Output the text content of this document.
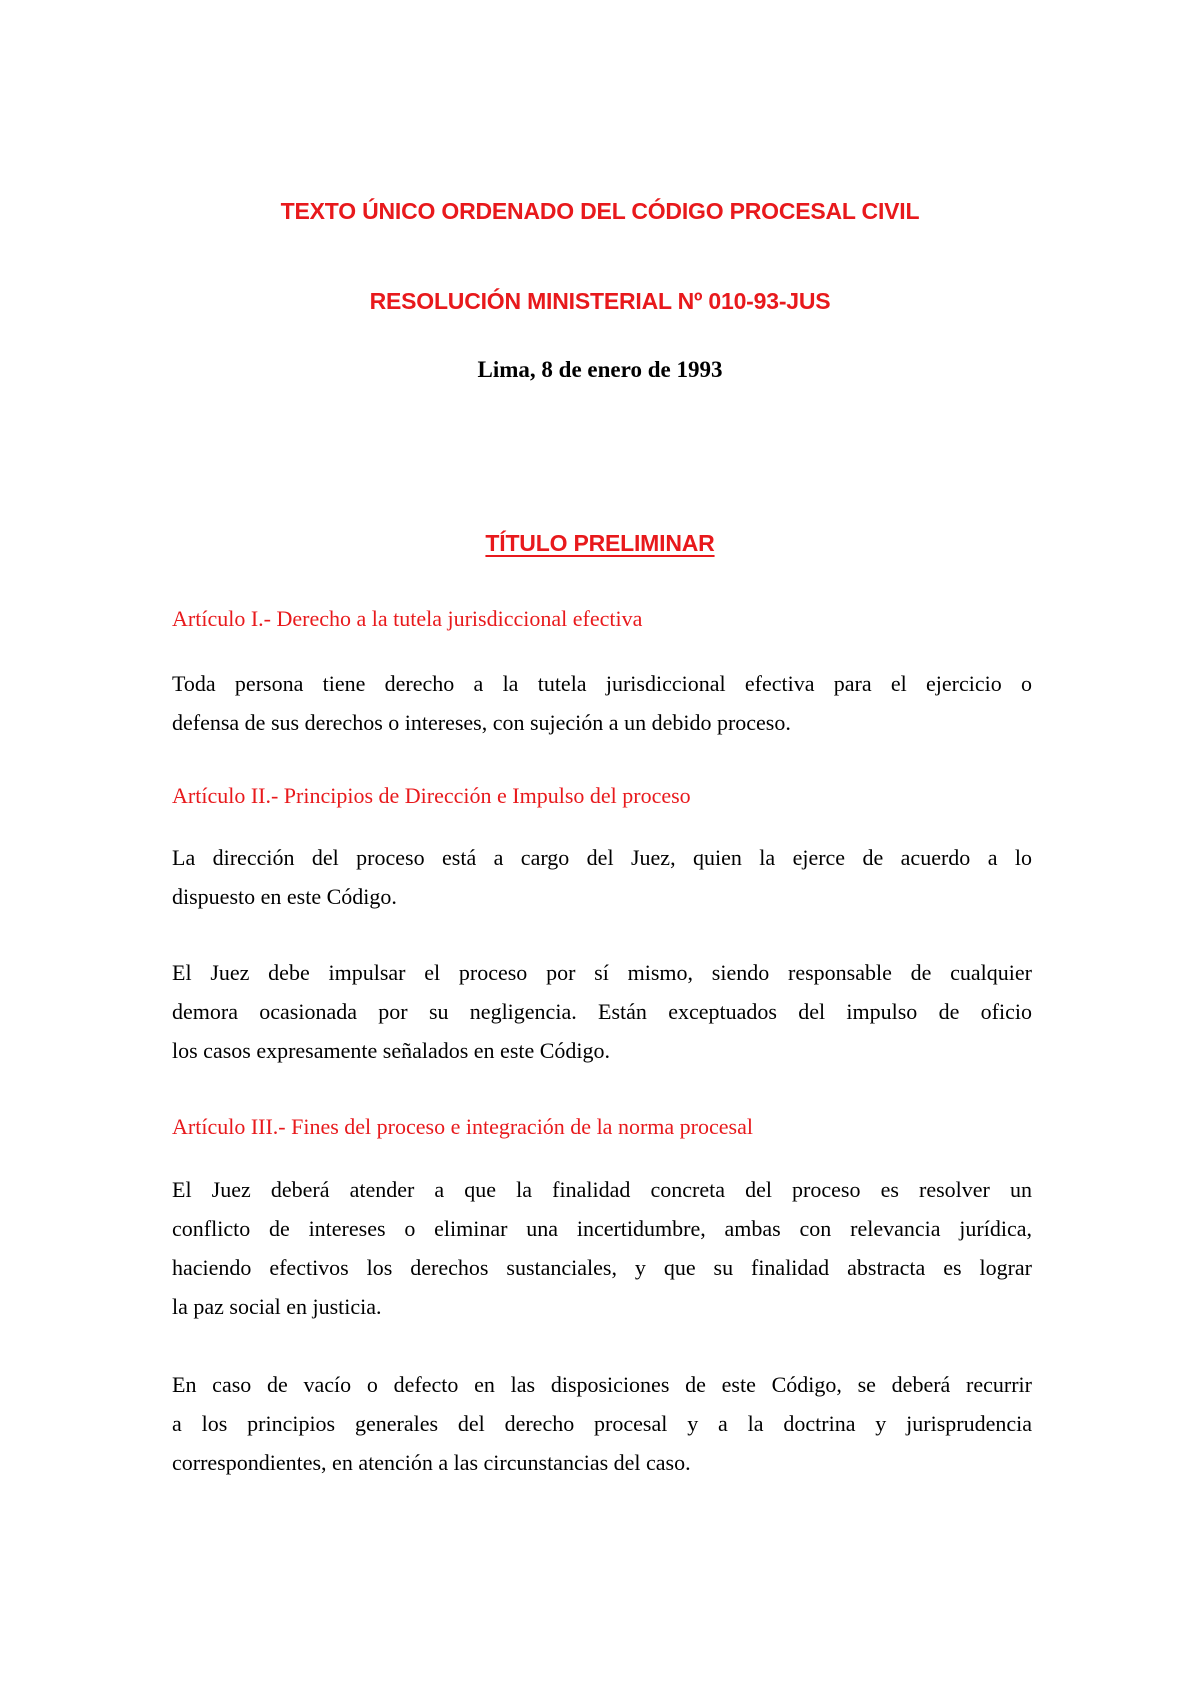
TEXTO ÚNICO ORDENADO DEL CÓDIGO PROCESAL CIVIL
RESOLUCIÓN MINISTERIAL Nº 010-93-JUS
Lima, 8 de enero de 1993
TÍTULO PRELIMINAR
Artículo I.- Derecho a la tutela jurisdiccional efectiva
Toda persona tiene derecho a la tutela jurisdiccional efectiva para el ejercicio o
defensa de sus derechos o intereses, con sujeción a un debido proceso.
Artículo II.- Principios de Dirección e Impulso del proceso
La dirección del proceso está a cargo del Juez, quien la ejerce de acuerdo a lo
dispuesto en este Código.
El Juez debe impulsar el proceso por sí mismo, siendo responsable de cualquier
demora ocasionada por su negligencia. Están exceptuados del impulso de oficio
los casos expresamente señalados en este Código.
Artículo III.- Fines del proceso e integración de la norma procesal
El Juez deberá atender a que la finalidad concreta del proceso es resolver un
conflicto de intereses o eliminar una incertidumbre, ambas con relevancia jurídica,
haciendo efectivos los derechos sustanciales, y que su finalidad abstracta es lograr
la paz social en justicia.
En caso de vacío o defecto en las disposiciones de este Código, se deberá recurrir
a los principios generales del derecho procesal y a la doctrina y jurisprudencia
correspondientes, en atención a las circunstancias del caso.
